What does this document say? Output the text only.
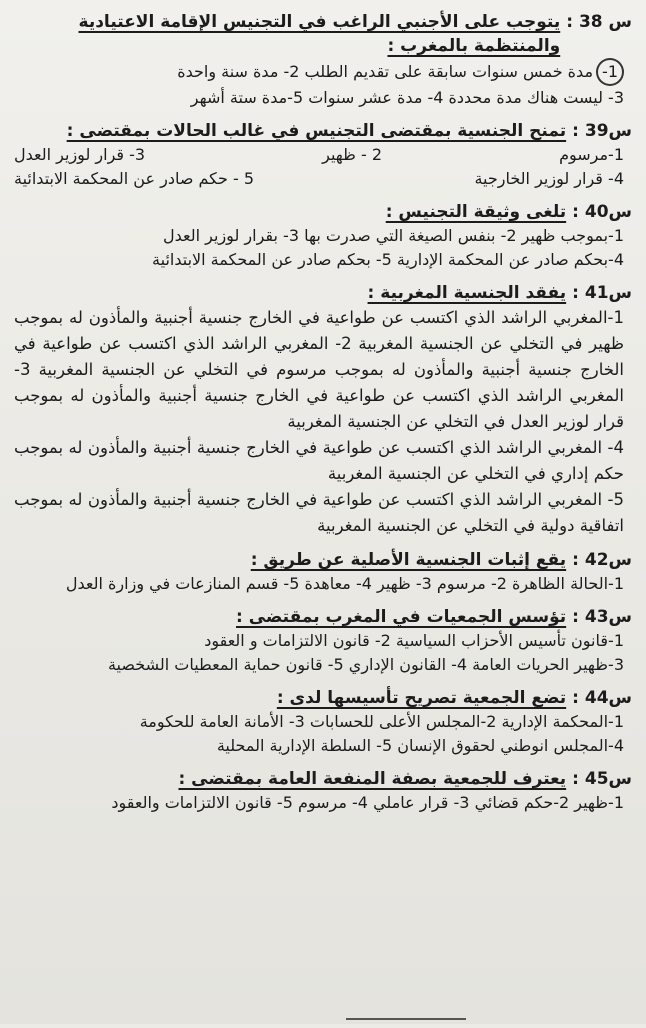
س 38 :
يتوجب على الأجنبي الراغب في التجنيس الإقامة الاعتيادية والمنتظمة بالمغرب :
1-مدة خمس سنوات سابقة على تقديم الطلب 2- مدة سنة واحدة
3- ليست هناك مدة محددة 4- مدة عشر سنوات 5-مدة ستة أشهر
س39 :
تمنح الجنسية بمقتضى التجنيس في غالب الحالات بمقتضى :
1-مرسوم
2 - ظهير
3- قرار لوزير العدل
4- قرار لوزير الخارجية
5 - حكم صادر عن المحكمة الابتدائية
س40 :
تلغى وثيقة التجنيس :
1-بموجب ظهير 2- بنفس الصيغة التي صدرت بها 3- بقرار لوزير العدل
4-بحكم صادر عن المحكمة الإدارية 5- بحكم صادر عن المحكمة الابتدائية
س41 :
يفقد الجنسية المغربية :
1-المغربي الراشد الذي اكتسب عن طواعية في الخارج جنسية أجنبية والمأذون له بموجب ظهير في التخلي عن الجنسية المغربية 2- المغربي الراشد الذي اكتسب عن طواعية في الخارج جنسية أجنبية والمأذون له بموجب مرسوم في التخلي عن الجنسية المغربية 3- المغربي الراشد الذي اكتسب عن طواعية في الخارج جنسية أجنبية والمأذون له بموجب قرار لوزير العدل في التخلي عن الجنسية المغربية
4- المغربي الراشد الذي اكتسب عن طواعية في الخارج جنسية أجنبية والمأذون له بموجب حكم إداري في التخلي عن الجنسية المغربية
5- المغربي الراشد الذي اكتسب عن طواعية في الخارج جنسية أجنبية والمأذون له بموجب اتفاقية دولية في التخلي عن الجنسية المغربية
س42 :
يقع إثبات الجنسية الأصلية عن طريق :
1-الحالة الظاهرة 2- مرسوم 3- ظهير 4- معاهدة 5- قسم المنازعات في وزارة العدل
س43 :
تؤسس الجمعيات في المغرب بمقتضى :
1-قانون تأسيس الأحزاب السياسية 2- قانون الالتزامات و العقود
3-ظهير الحريات العامة 4- القانون الإداري 5- قانون حماية المعطيات الشخصية
س44 :
تضع الجمعية تصريح تأسيسها لدى :
1-المحكمة الإدارية 2-المجلس الأعلى للحسابات 3- الأمانة العامة للحكومة
4-المجلس انوطني لحقوق الإنسان 5- السلطة الإدارية المحلية
س45 :
يعترف للجمعية بصفة المنفعة العامة بمقتضى :
1-ظهير 2-حكم قضائي 3- قرار عاملي 4- مرسوم 5- قانون الالتزامات والعقود
